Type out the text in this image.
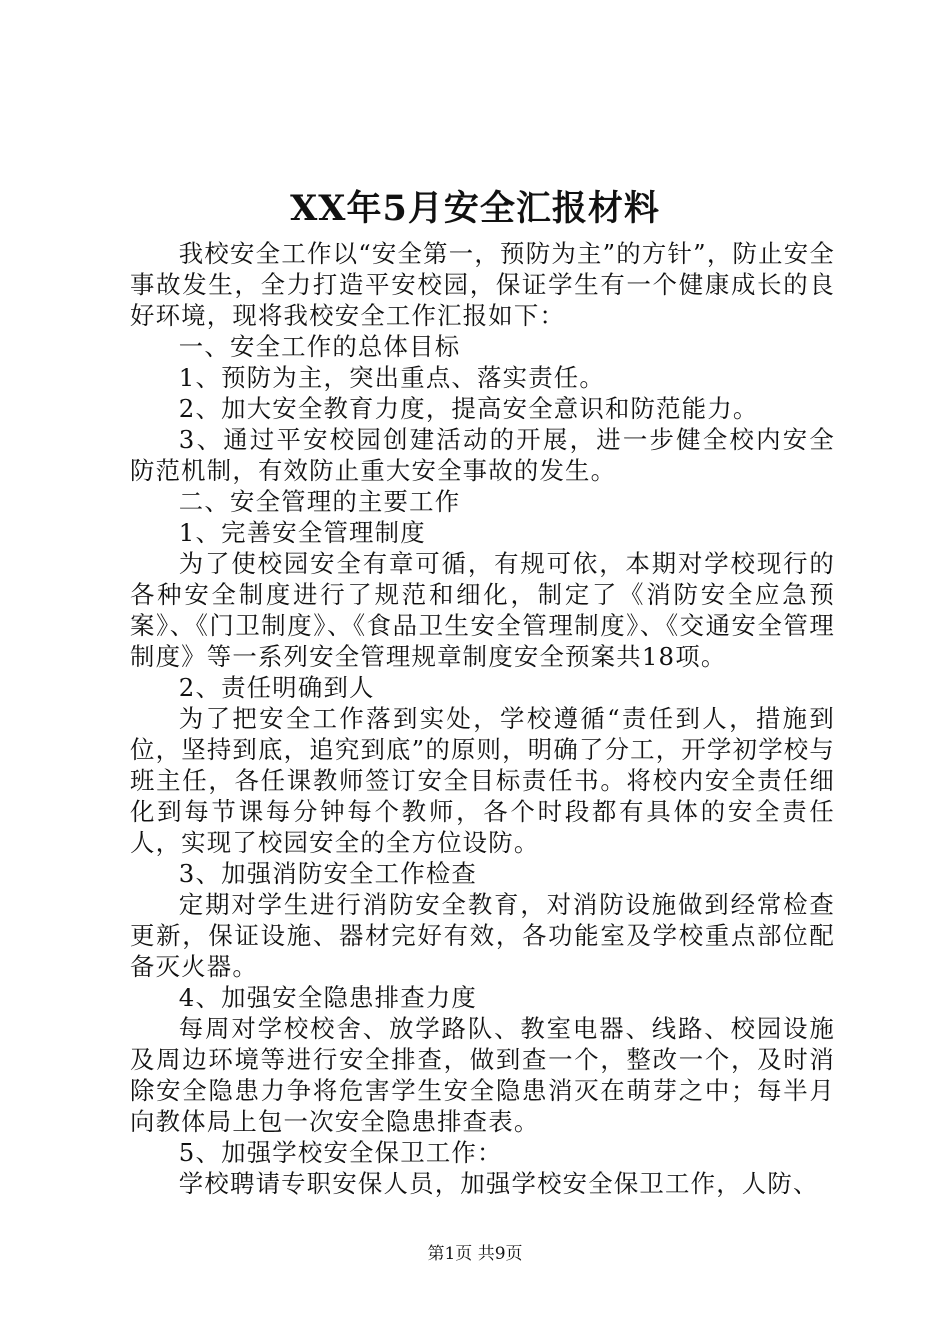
XX年5月安全汇报材料

我校安全工作以“安全第一，预防为主”的方针”，防止安全事故发生，全力打造平安校园，保证学生有一个健康成长的良好环境，现将我校安全工作汇报如下：

一、安全工作的总体目标

1、预防为主，突出重点、落实责任。

2、加大安全教育力度，提高安全意识和防范能力。

3、通过平安校园创建活动的开展，进一步健全校内安全防范机制，有效防止重大安全事故的发生。

二、安全管理的主要工作

1、完善安全管理制度

为了使校园安全有章可循，有规可依，本期对学校现行的各种安全制度进行了规范和细化，制定了《消防安全应急预案》、《门卫制度》、《食品卫生安全管理制度》、《交通安全管理制度》等一系列安全管理规章制度安全预案共18项。

2、责任明确到人

为了把安全工作落到实处，学校遵循“责任到人，措施到位，坚持到底，追究到底”的原则，明确了分工，开学初学校与班主任，各任课教师签订安全目标责任书。将校内安全责任细化到每节课每分钟每个教师，各个时段都有具体的安全责任人，实现了校园安全的全方位设防。

3、加强消防安全工作检查

定期对学生进行消防安全教育，对消防设施做到经常检查更新，保证设施、器材完好有效，各功能室及学校重点部位配备灭火器。

4、加强安全隐患排查力度

每周对学校校舍、放学路队、教室电器、线路、校园设施及周边环境等进行安全排查，做到查一个，整改一个，及时消除安全隐患力争将危害学生安全隐患消灭在萌芽之中；每半月向教体局上包一次安全隐患排查表。

5、加强学校安全保卫工作：

学校聘请专职安保人员，加强学校安全保卫工作，人防、

第1页 共9页
